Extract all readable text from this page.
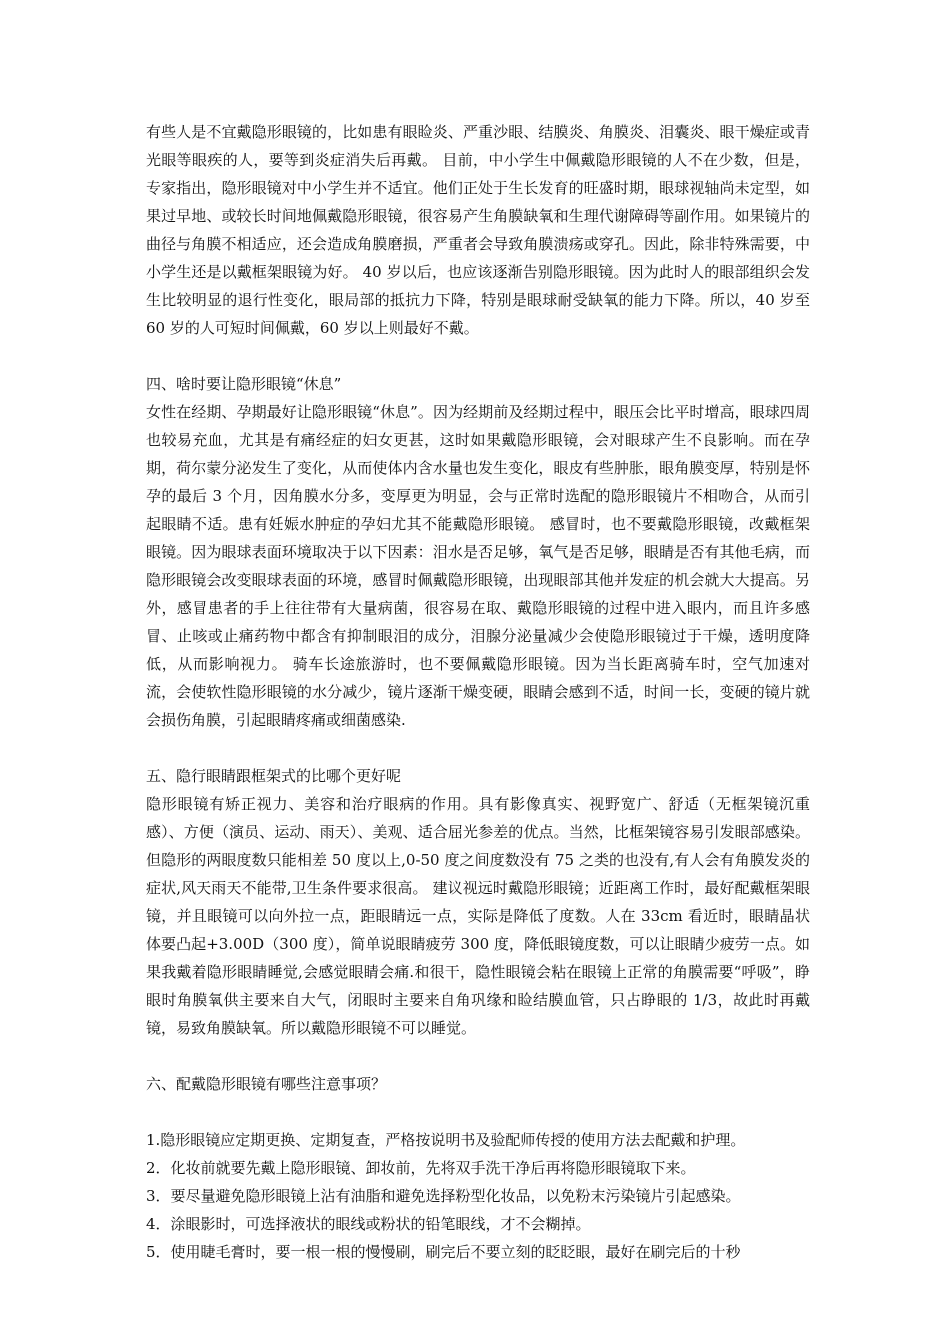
有些人是不宜戴隐形眼镜的，比如患有眼睑炎、严重沙眼、结膜炎、角膜炎、泪囊炎、眼干燥症或青光眼等眼疾的人，要等到炎症消失后再戴。 目前，中小学生中佩戴隐形眼镜的人不在少数，但是，专家指出，隐形眼镜对中小学生并不适宜。他们正处于生长发育的旺盛时期，眼球视轴尚未定型，如果过早地、或较长时间地佩戴隐形眼镜，很容易产生角膜缺氧和生理代谢障碍等副作用。如果镜片的曲径与角膜不相适应，还会造成角膜磨损，严重者会导致角膜溃疡或穿孔。因此，除非特殊需要，中小学生还是以戴框架眼镜为好。 40 岁以后，也应该逐渐告别隐形眼镜。因为此时人的眼部组织会发生比较明显的退行性变化，眼局部的抵抗力下降，特别是眼球耐受缺氧的能力下降。所以，40 岁至 60 岁的人可短时间佩戴，60 岁以上则最好不戴。

四、啥时要让隐形眼镜“休息”

女性在经期、孕期最好让隐形眼镜“休息”。因为经期前及经期过程中，眼压会比平时增高，眼球四周也较易充血，尤其是有痛经症的妇女更甚，这时如果戴隐形眼镜，会对眼球产生不良影响。而在孕期，荷尔蒙分泌发生了变化，从而使体内含水量也发生变化，眼皮有些肿胀，眼角膜变厚，特别是怀孕的最后 3 个月，因角膜水分多，变厚更为明显，会与正常时选配的隐形眼镜片不相吻合，从而引起眼睛不适。患有妊娠水肿症的孕妇尤其不能戴隐形眼镜。 感冒时，也不要戴隐形眼镜，改戴框架眼镜。因为眼球表面环境取决于以下因素：泪水是否足够，氧气是否足够，眼睛是否有其他毛病，而隐形眼镜会改变眼球表面的环境，感冒时佩戴隐形眼镜，出现眼部其他并发症的机会就大大提高。另外，感冒患者的手上往往带有大量病菌，很容易在取、戴隐形眼镜的过程中进入眼内，而且许多感冒、止咳或止痛药物中都含有抑制眼泪的成分，泪腺分泌量减少会使隐形眼镜过于干燥，透明度降低，从而影响视力。 骑车长途旅游时，也不要佩戴隐形眼镜。因为当长距离骑车时，空气加速对流，会使软性隐形眼镜的水分减少，镜片逐渐干燥变硬，眼睛会感到不适，时间一长，变硬的镜片就会损伤角膜，引起眼睛疼痛或细菌感染.

五、隐行眼睛跟框架式的比哪个更好呢

隐形眼镜有矫正视力、美容和治疗眼病的作用。具有影像真实、视野宽广、舒适（无框架镜沉重感）、方便（演员、运动、雨天）、美观、适合屈光参差的优点。当然，比框架镜容易引发眼部感染。但隐形的两眼度数只能相差 50 度以上,0-50 度之间度数没有 75 之类的也没有,有人会有角膜发炎的症状,风天雨天不能带,卫生条件要求很高。 建议视远时戴隐形眼镜；近距离工作时，最好配戴框架眼镜，并且眼镜可以向外拉一点，距眼睛远一点，实际是降低了度数。人在 33cm 看近时，眼睛晶状体要凸起+3.00D（300 度），简单说眼睛疲劳 300 度，降低眼镜度数，可以让眼睛少疲劳一点。如果我戴着隐形眼睛睡觉,会感觉眼睛会痛.和很干，隐性眼镜会粘在眼镜上正常的角膜需要“呼吸”，睁眼时角膜氧供主要来自大气，闭眼时主要来自角巩缘和睑结膜血管，只占睁眼的 1/3，故此时再戴镜，易致角膜缺氧。所以戴隐形眼镜不可以睡觉。

六、配戴隐形眼镜有哪些注意事项？

1.隐形眼镜应定期更换、定期复查，严格按说明书及验配师传授的使用方法去配戴和护理。

2．化妆前就要先戴上隐形眼镜、卸妆前，先将双手洗干净后再将隐形眼镜取下来。

3．要尽量避免隐形眼镜上沾有油脂和避免选择粉型化妆品，以免粉末污染镜片引起感染。

4．涂眼影时，可选择液状的眼线或粉状的铅笔眼线，才不会糊掉。

5．使用睫毛膏时，要一根一根的慢慢刷，刷完后不要立刻的眨眨眼，最好在刷完后的十秒
